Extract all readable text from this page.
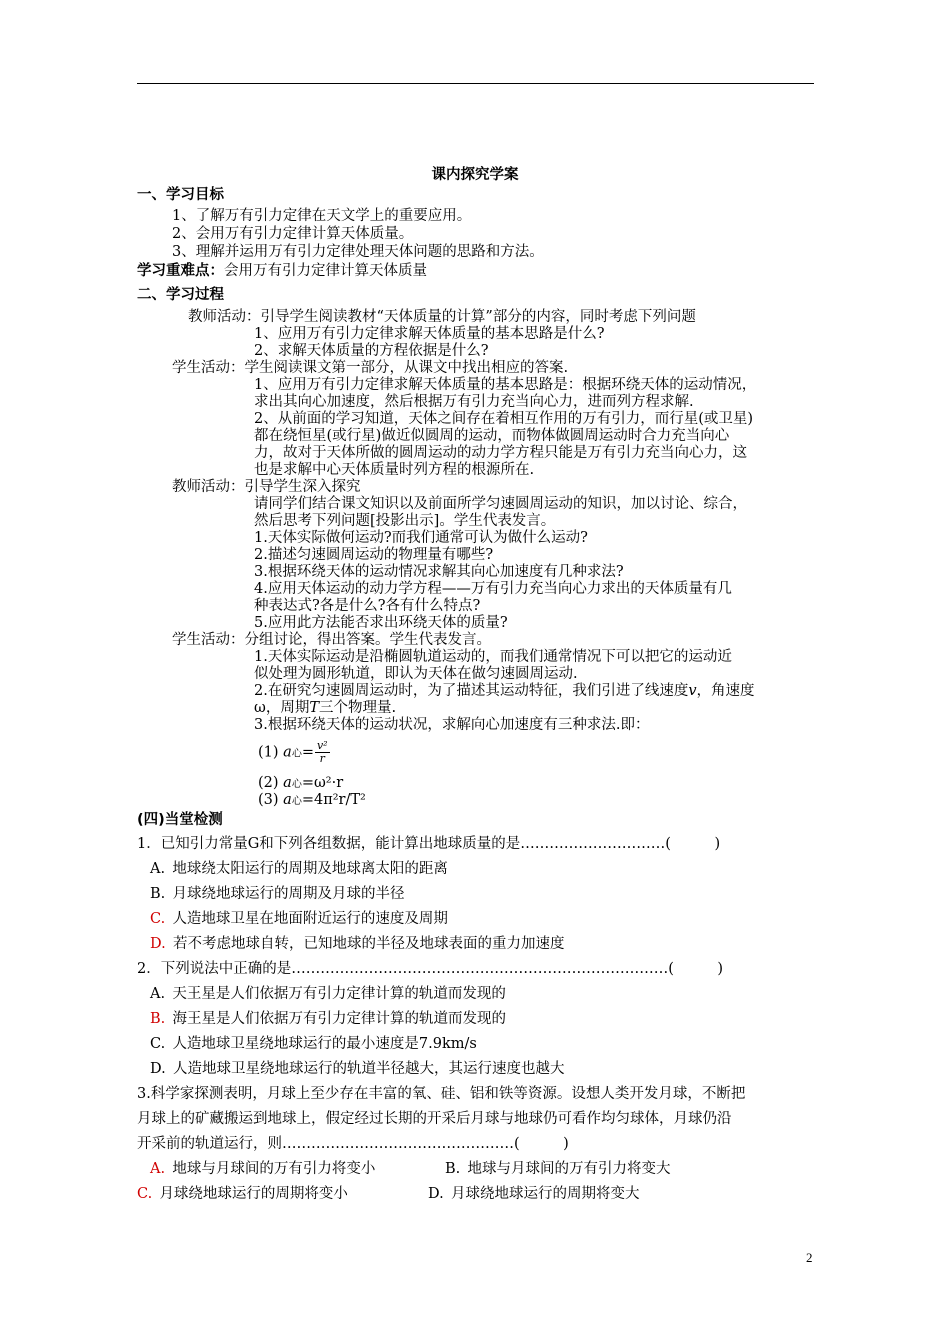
课内探究学案
一、学习目标
1、了解万有引力定律在天文学上的重要应用。
2、会用万有引力定律计算天体质量。
3、理解并运用万有引力定律处理天体问题的思路和方法。
学习重难点：会用万有引力定律计算天体质量
二、学习过程
教师活动：引导学生阅读教材“天体质量的计算”部分的内容，同时考虑下列问题
1、应用万有引力定律求解天体质量的基本思路是什么?
2、求解天体质量的方程依据是什么?
学生活动：学生阅读课文第一部分，从课文中找出相应的答案.
1、应用万有引力定律求解天体质量的基本思路是：根据环绕天体的运动情况，
求出其向心加速度，然后根据万有引力充当向心力，进而列方程求解.
2、从前面的学习知道，天体之间存在着相互作用的万有引力，而行星(或卫星)
都在绕恒星(或行星)做近似圆周的运动，而物体做圆周运动时合力充当向心
力，故对于天体所做的圆周运动的动力学方程只能是万有引力充当向心力，这
也是求解中心天体质量时列方程的根源所在.
教师活动：引导学生深入探究
请同学们结合课文知识以及前面所学匀速圆周运动的知识，加以讨论、综合，
然后思考下列问题[投影出示]。学生代表发言。
1.天体实际做何运动?而我们通常可认为做什么运动?
2.描述匀速圆周运动的物理量有哪些?
3.根据环绕天体的运动情况求解其向心加速度有几种求法?
4.应用天体运动的动力学方程——万有引力充当向心力求出的天体质量有几
种表达式?各是什么?各有什么特点?
5.应用此方法能否求出环绕天体的质量?
学生活动：分组讨论，得出答案。学生代表发言。
1.天体实际运动是沿椭圆轨道运动的，而我们通常情况下可以把它的运动近
似处理为圆形轨道，即认为天体在做匀速圆周运动.
2.在研究匀速圆周运动时，为了描述其运动特征，我们引进了线速度v，角速度
ω，周期T三个物理量.
3.根据环绕天体的运动状况，求解向心加速度有三种求法.即：
(1) a心= $\frac{\text{v²}}{r}$
(2) a心=ω²·r
(3) a心=4π²r/T²
(四)当堂检测
1．已知引力常量G和下列各组数据，能计算出地球质量的是…………………………(　　　)
A.  地球绕太阳运行的周期及地球离太阳的距离
B.  月球绕地球运行的周期及月球的半径
C.  人造地球卫星在地面附近运行的速度及周期
D.  若不考虑地球自转，已知地球的半径及地球表面的重力加速度
2．下列说法中正确的是……………………………………………………………………(　　　)
A.  天王星是人们依据万有引力定律计算的轨道而发现的
B.  海王星是人们依据万有引力定律计算的轨道而发现的
C.  人造地球卫星绕地球运行的最小速度是7.9km/s
D.  人造地球卫星绕地球运行的轨道半径越大，其运行速度也越大
3.科学家探测表明，月球上至少存在丰富的氧、硅、铝和铁等资源。设想人类开发月球，不断把
月球上的矿藏搬运到地球上，假定经过长期的开采后月球与地球仍可看作均匀球体，月球仍沿
开采前的轨道运行，则…………………………………………(　　　)
A.  地球与月球间的万有引力将变小	B.  地球与月球间的万有引力将变大
C.  月球绕地球运行的周期将变小	D.  月球绕地球运行的周期将变大
2
